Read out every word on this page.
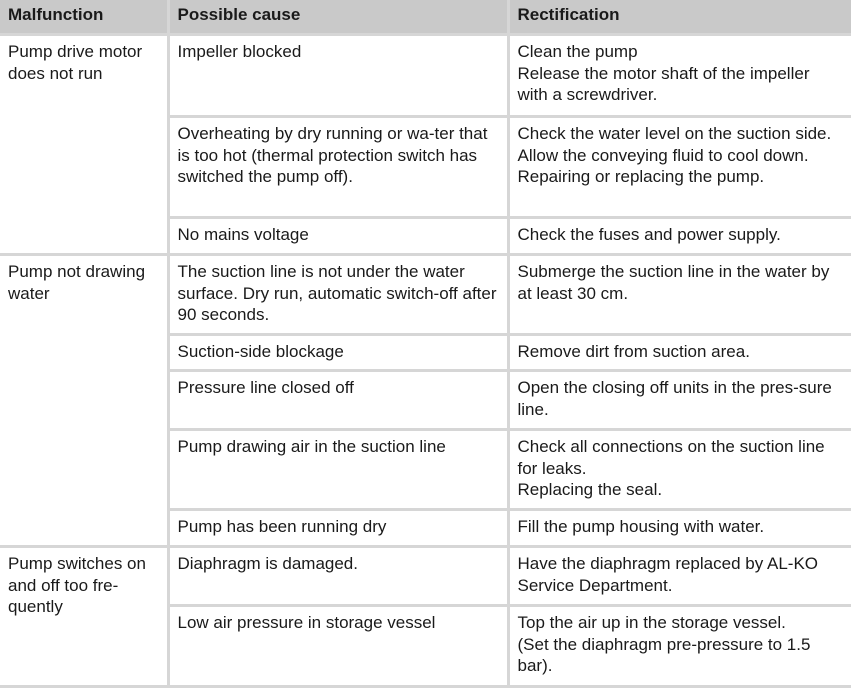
Malfunction	Possible cause	Rectification
Pump drive motor does not run	Impeller blocked	Clean the pump
Release the motor shaft of the impeller with a screwdriver.

	Overheating by dry running or wa-ter that is too hot (thermal protection switch has switched the pump off).	Check the water level on the suction side.
Allow the conveying fluid to cool down.
Repairing or replacing the pump.

	No mains voltage	Check the fuses and power supply.

Pump not drawing water	The suction line is not under the water surface. Dry run, automatic switch-off after 90 seconds.	Submerge the suction line in the water by at least 30 cm.

	Suction-side blockage	Remove dirt from suction area.

	Pressure line closed off	Open the closing off units in the pres-sure line.

	Pump drawing air in the suction line	Check all connections on the suction line for leaks.
Replacing the seal.

	Pump has been running dry	Fill the pump housing with water.

Pump switches on and off too fre-quently	Diaphragm is damaged.	Have the diaphragm replaced by AL-KO Service Department.

	Low air pressure in storage vessel	Top the air up in the storage vessel.
(Set the diaphragm pre-pressure to 1.5 bar).
